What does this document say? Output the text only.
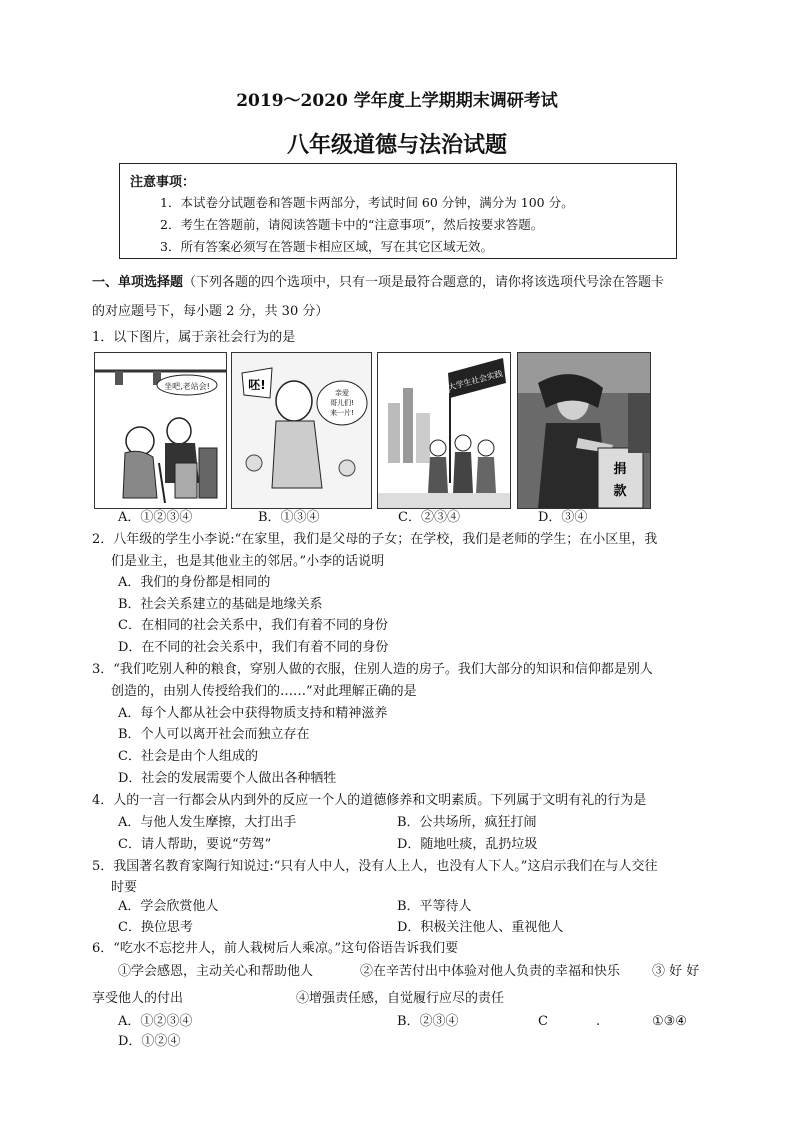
2019～2020 学年度上学期期末调研考试
八年级道德与法治试题
注意事项：
1．本试卷分试题卷和答题卡两部分，考试时间 60 分钟，满分为 100 分。
2．考生在答题前，请阅读答题卡中的“注意事项”，然后按要求答题。
3．所有答案必须写在答题卡相应区域，写在其它区域无效。
一、单项选择题（下列各题的四个选项中，只有一项是最符合题意的，请你将该选项代号涂在答题卡
的对应题号下，每小题 2 分，共 30 分）
1．以下图片，属于亲社会行为的是
坐吧,老站会!	呸!
亲爱
哥儿们!
来一片!
大学生社会实践
捐
款
A．①②③④	B．①③④	C．②③④	D．③④
2．八年级的学生小李说:“在家里，我们是父母的子女；在学校，我们是老师的学生；在小区里，我
们是业主，也是其他业主的邻居。”小李的话说明
A．我们的身份都是相同的
B．社会关系建立的基础是地缘关系
C．在相同的社会关系中，我们有着不同的身份
D．在不同的社会关系中，我们有着不同的身份
3．“我们吃别人种的粮食，穿别人做的衣服，住别人造的房子。我们大部分的知识和信仰都是别人
创造的，由别人传授给我们的……”对此理解正确的是
A．每个人都从社会中获得物质支持和精神滋养
B．个人可以离开社会而独立存在
C．社会是由个人组成的
D．社会的发展需要个人做出各种牺牲
4．人的一言一行都会从内到外的反应一个人的道德修养和文明素质。下列属于文明有礼的行为是
A．与他人发生摩擦，大打出手	B．公共场所，疯狂打闹
C．请人帮助，要说“劳驾”	D．随地吐痰，乱扔垃圾
5．我国著名教育家陶行知说过:“只有人中人，没有人上人，也没有人下人。”这启示我们在与人交往
时要
A．学会欣赏他人	B．平等待人
C．换位思考	D．积极关注他人、重视他人
6．“吃水不忘挖井人，前人栽树后人乘凉。”这句俗语告诉我们要
①学会感恩，主动关心和帮助他人	②在辛苦付出中体验对他人负责的幸福和快乐 ③ 好 好
享受他人的付出	④增强责任感，自觉履行应尽的责任
A．①②③④	B．②③④	C	.	①③④
D．①②④
